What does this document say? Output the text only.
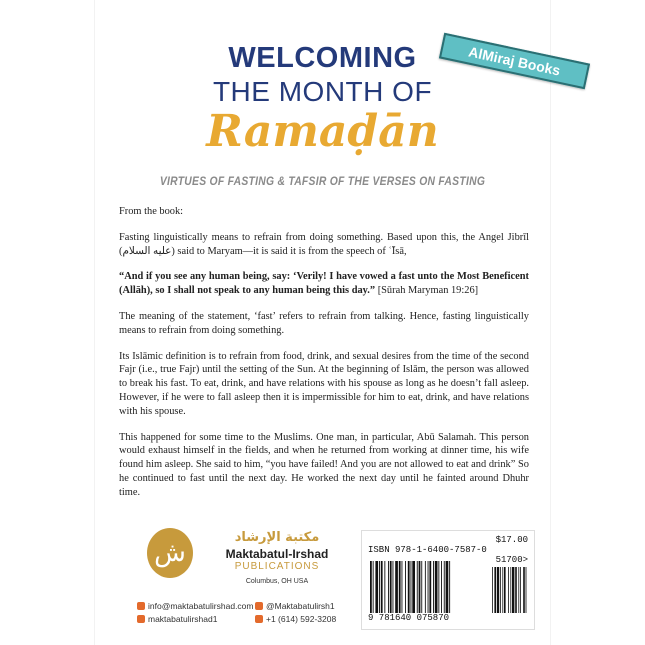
WELCOMING
THE MONTH OF
Ramaḍān
VIRTUES OF FASTING & TAFSIR OF THE VERSES ON FASTING

From the book:

Fasting linguistically means to refrain from doing something. Based upon this, the Angel Jibrīl (عليه السلام) said to Maryam—it is said it is from the speech of ʿĪsā,

“And if you see any human being, say: ‘Verily! I have vowed a fast unto the Most Beneficent (Allāh), so I shall not speak to any human being this day.” [Sūrah Maryman 19:26]

The meaning of the statement, ‘fast’ refers to refrain from talking. Hence, fasting linguistically means to refrain from doing something.

Its Islāmic definition is to refrain from food, drink, and sexual desires from the time of the second Fajr (i.e., true Fajr) until the setting of the Sun. At the beginning of Islām, the person was allowed to break his fast. To eat, drink, and have relations with his spouse as long as he doesn’t fall asleep. However, if he were to fall asleep then it is impermissible for him to eat, drink, and have relations with his spouse.

This happened for some time to the Muslims. One man, in particular, Abū Salamah. This person would exhaust himself in the fields, and when he returned from working at dinner time, his wife found him asleep. She said to him, “you have failed! And you are not allowed to eat and drink” So he continued to fast until the next day. He worked the next day until he fainted around Dhuhr time.

ش
مكتبة الإرشاد
Maktabatul-Irshad
PUBLICATIONS
Columbus, OH USA
info@maktabatulirshad.com
maktabatulirshad1
@Maktabatulirsh1
+1 (614) 592-3208
$17.00
ISBN 978-1-6400-7587-0
51700>
9 781640 075870
AlMiraj Books
